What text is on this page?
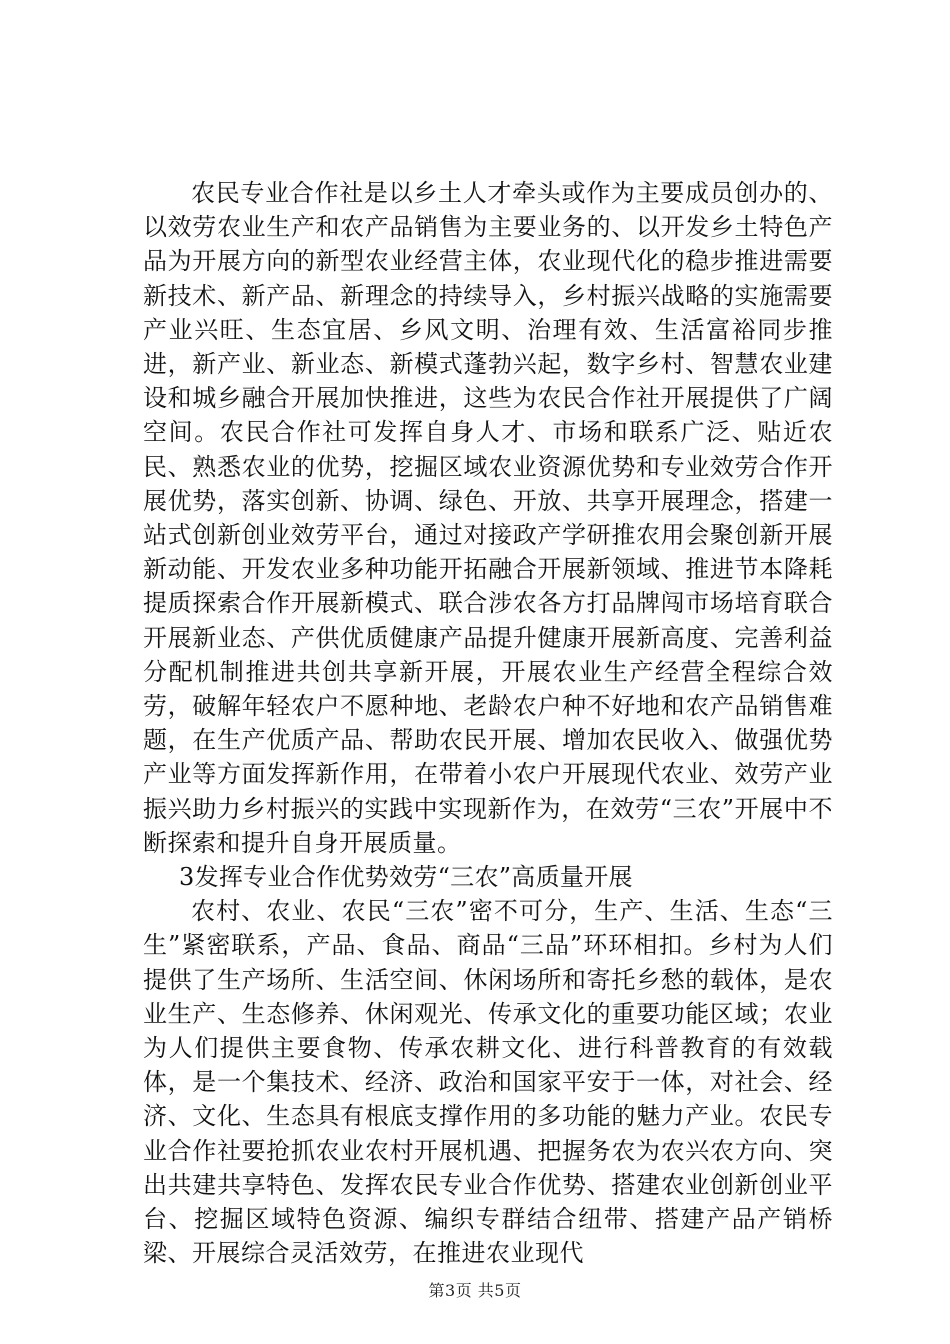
农民专业合作社是以乡土人才牵头或作为主要成员创办的、以效劳农业生产和农产品销售为主要业务的、以开发乡土特色产品为开展方向的新型农业经营主体，农业现代化的稳步推进需要新技术、新产品、新理念的持续导入，乡村振兴战略的实施需要产业兴旺、生态宜居、乡风文明、治理有效、生活富裕同步推进，新产业、新业态、新模式蓬勃兴起，数字乡村、智慧农业建设和城乡融合开展加快推进，这些为农民合作社开展提供了广阔空间。农民合作社可发挥自身人才、市场和联系广泛、贴近农民、熟悉农业的优势，挖掘区域农业资源优势和专业效劳合作开展优势，落实创新、协调、绿色、开放、共享开展理念，搭建一站式创新创业效劳平台，通过对接政产学研推农用会聚创新开展新动能、开发农业多种功能开拓融合开展新领域、推进节本降耗提质探索合作开展新模式、联合涉农各方打品牌闯市场培育联合开展新业态、产供优质健康产品提升健康开展新高度、完善利益分配机制推进共创共享新开展，开展农业生产经营全程综合效劳，破解年轻农户不愿种地、老龄农户种不好地和农产品销售难题，在生产优质产品、帮助农民开展、增加农民收入、做强优势产业等方面发挥新作用，在带着小农户开展现代农业、效劳产业振兴助力乡村振兴的实践中实现新作为，在效劳“三农”开展中不断探索和提升自身开展质量。

3发挥专业合作优势效劳“三农”高质量开展

农村、农业、农民“三农”密不可分，生产、生活、生态“三生”紧密联系，产品、食品、商品“三品”环环相扣。乡村为人们提供了生产场所、生活空间、休闲场所和寄托乡愁的载体，是农业生产、生态修养、休闲观光、传承文化的重要功能区域；农业为人们提供主要食物、传承农耕文化、进行科普教育的有效载体，是一个集技术、经济、政治和国家平安于一体，对社会、经济、文化、生态具有根底支撑作用的多功能的魅力产业。农民专业合作社要抢抓农业农村开展机遇、把握务农为农兴农方向、突出共建共享特色、发挥农民专业合作优势、搭建农业创新创业平台、挖掘区域特色资源、编织专群结合纽带、搭建产品产销桥梁、开展综合灵活效劳，在推进农业现代

第3页 共5页
